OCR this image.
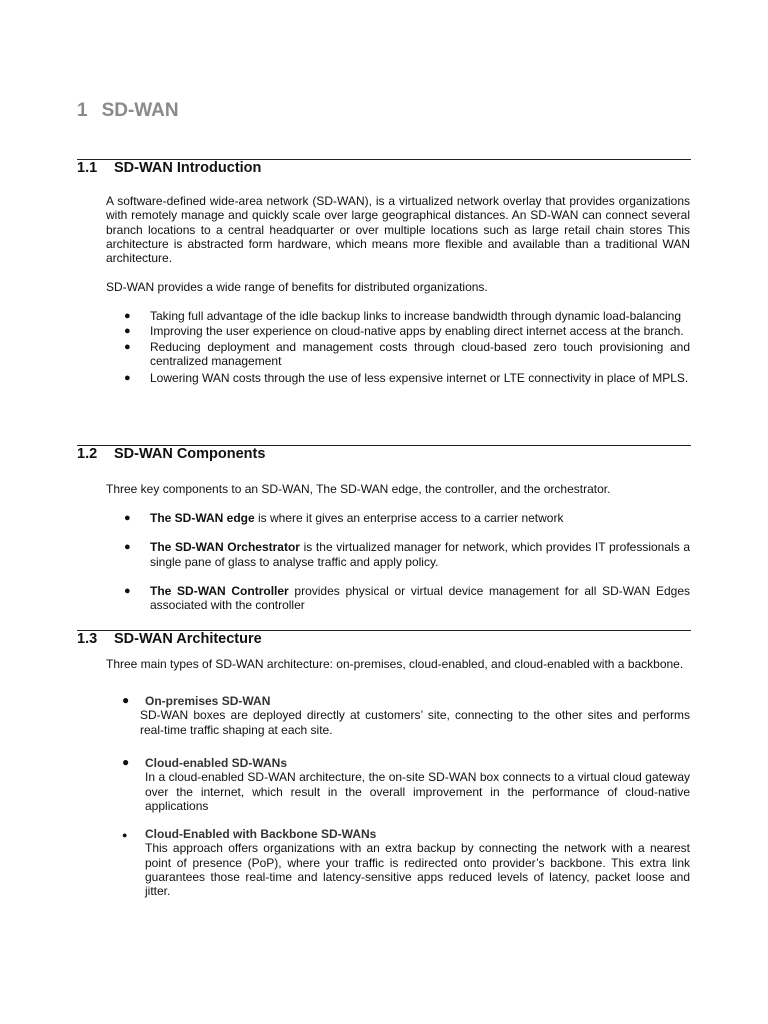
1 SD-WAN
1.1 SD-WAN Introduction

A software-defined wide-area network (SD-WAN), is a virtualized network overlay that provides organizations with remotely manage and quickly scale over large geographical distances. An SD-WAN can connect several branch locations to a central headquarter or over multiple locations such as large retail chain stores This architecture is abstracted form hardware, which means more flexible and available than a traditional WAN architecture.

SD-WAN provides a wide range of benefits for distributed organizations.

● Taking full advantage of the idle backup links to increase bandwidth through dynamic load-balancing
● Improving the user experience on cloud-native apps by enabling direct internet access at the branch.
● Reducing deployment and management costs through cloud-based zero touch provisioning and centralized management
● Lowering WAN costs through the use of less expensive internet or LTE connectivity in place of MPLS.
1.2 SD-WAN Components

Three key components to an SD-WAN, The SD-WAN edge, the controller, and the orchestrator.

● The SD-WAN edge is where it gives an enterprise access to a carrier network
● The SD-WAN Orchestrator is the virtualized manager for network, which provides IT professionals a single pane of glass to analyse traffic and apply policy.
● The SD-WAN Controller provides physical or virtual device management for all SD-WAN Edges associated with the controller
1.3 SD-WAN Architecture

Three main types of SD-WAN architecture: on-premises, cloud-enabled, and cloud-enabled with a backbone.

●	On-premises SD-WAN
SD-WAN boxes are deployed directly at customers’ site, connecting to the other sites and performs real-time traffic shaping at each site.
●	Cloud-enabled SD-WANs
In a cloud-enabled SD-WAN architecture, the on-site SD-WAN box connects to a virtual cloud gateway over the internet, which result in the overall improvement in the performance of cloud-native applications
●	Cloud-Enabled with Backbone SD-WANs
This approach offers organizations with an extra backup by connecting the network with a nearest point of presence (PoP), where your traffic is redirected onto provider’s backbone. This extra link guarantees those real-time and latency-sensitive apps reduced levels of latency, packet loose and jitter.
